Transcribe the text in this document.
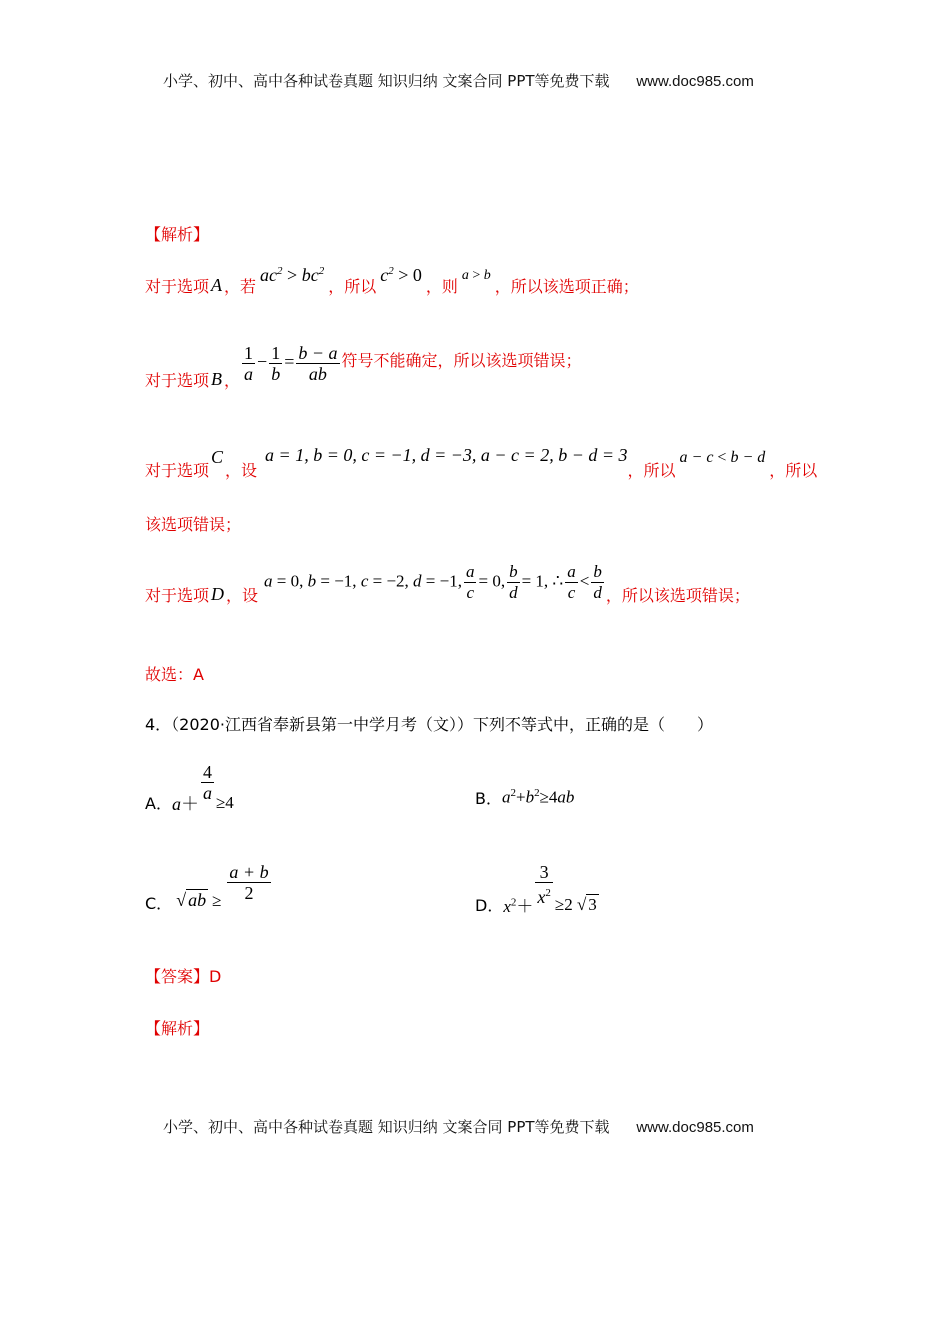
小学、初中、高中各种试卷真题 知识归纳 文案合同 PPT等免费下载 www.doc985.com
【解析】
对于选项 A ，若
$ac^2 > bc^2$
，所以
$c^2 > 0$
，则
a > b
，所以该选项正确；
对于选项 B ， $\frac{1}{a} - \frac{1}{b} = \frac{b - a}{ab}$ 符号不能确定，所以该选项错误；
对于选项
C
，设
a = 1, b = 0, c = −1, d = −3, a − c = 2, b − d = 3
，所以
a − c < b − d
，所以
该选项错误；
对于选项 D ，设
a = 0, b = −1, c = −2, d = −1, $\frac{a}{c} = 0$, $\frac{b}{d} = 1$, ∴ $\frac{a}{c} < \frac{b}{d}$ ，所以该选项错误；
故选：A
4．（2020·江西省奉新县第一中学月考（文））下列不等式中，正确的是（　　）
A． a＋
$\frac{4}{a} \ge 4$	B． $a^2+b^2\ge 4ab$
C． √ ab ≥ $\frac{a + b}{2}$
D． $x^2+ \frac{3}{x^2} \ge 2$ √ 3
【答案】D
【解析】
小学、初中、高中各种试卷真题 知识归纳 文案合同 PPT等免费下载 www.doc985.com
